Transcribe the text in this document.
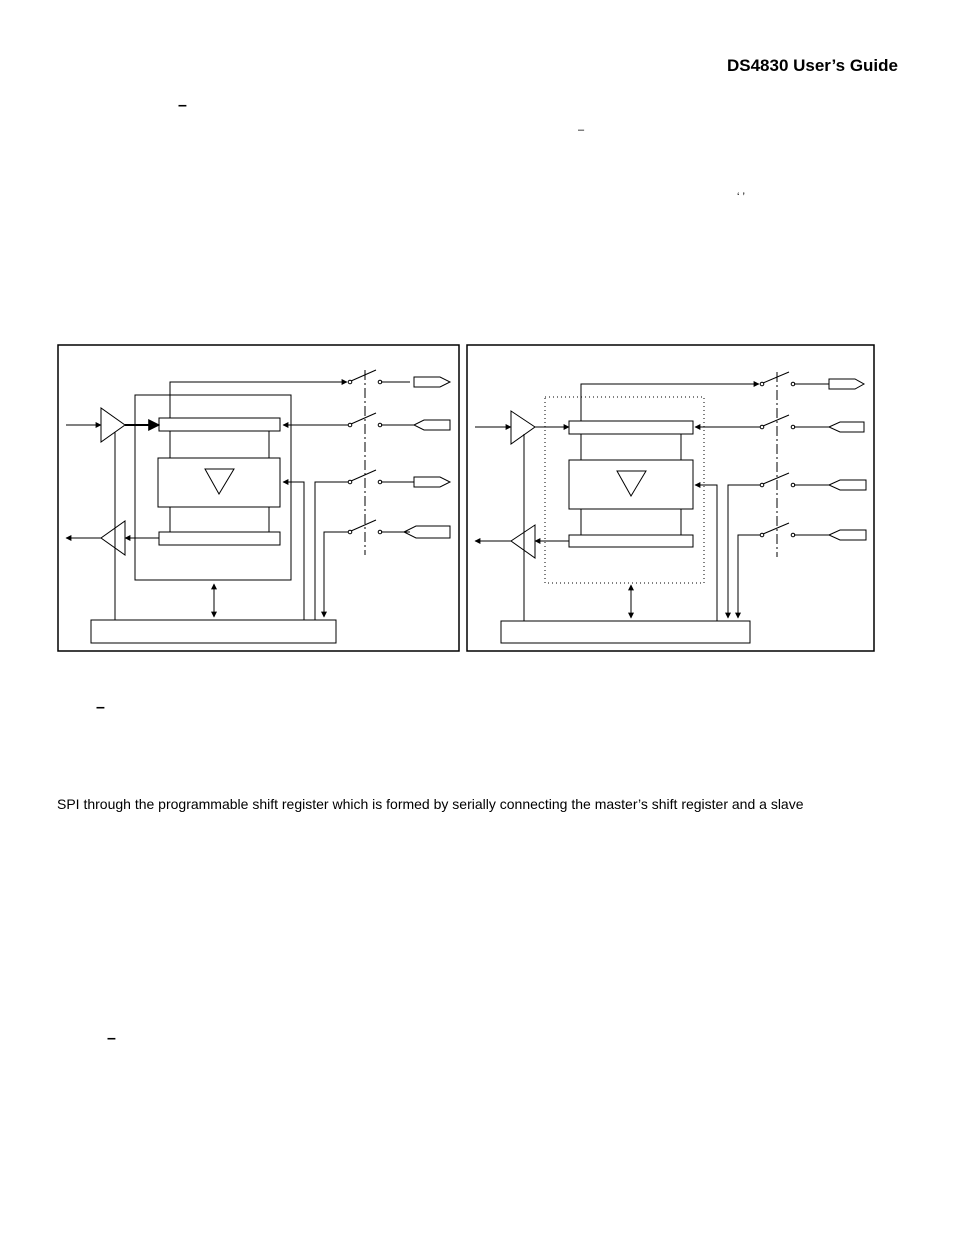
DS4830 User’s Guide
–
–
‘ ’
–
–
SPI through the programmable shift register which is formed by serially connecting the master’s shift register and a slave
